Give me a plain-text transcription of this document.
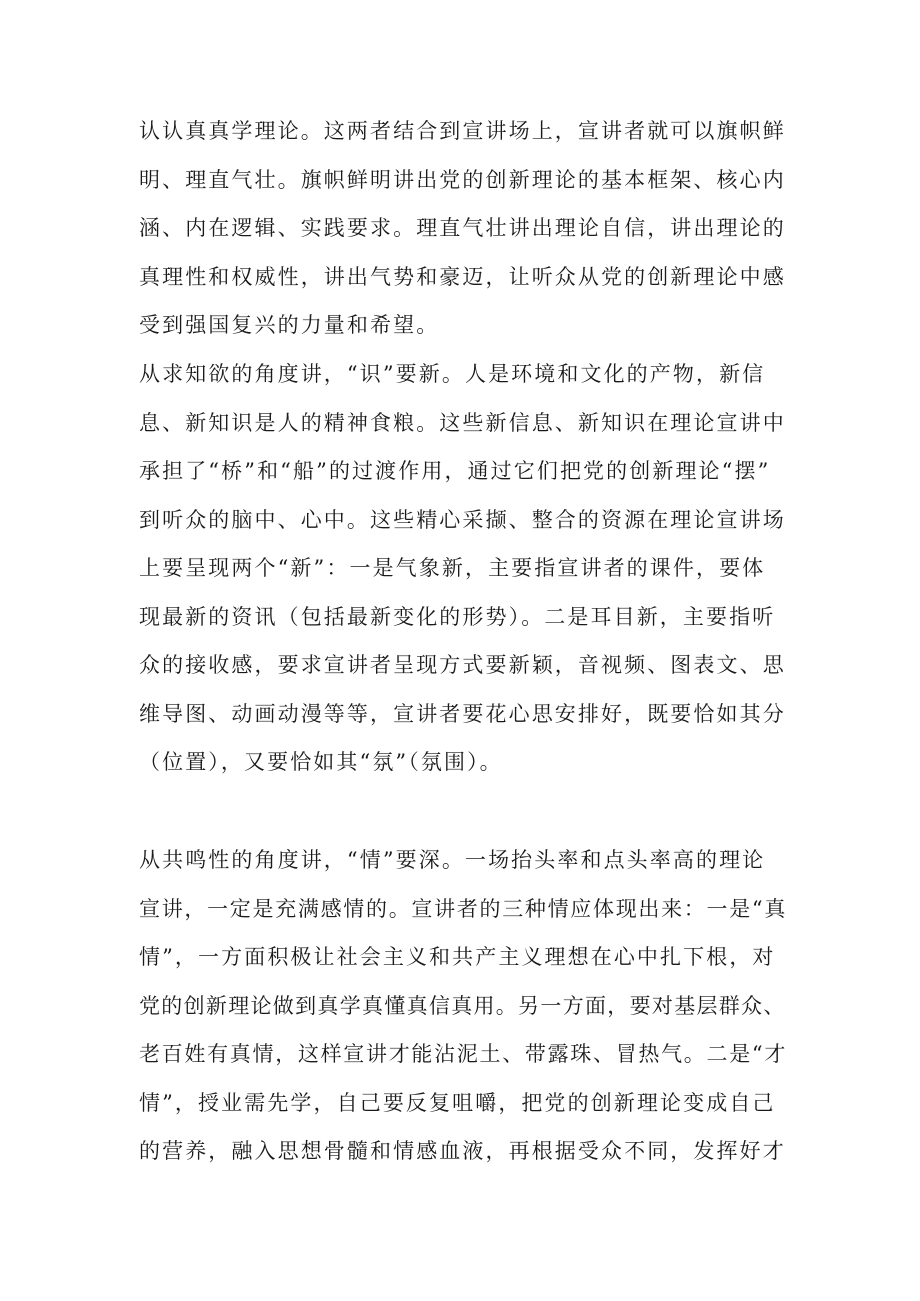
认认真真学理论。这两者结合到宣讲场上，宣讲者就可以旗帜鲜
明、理直气壮。旗帜鲜明讲出党的创新理论的基本框架、核心内
涵、内在逻辑、实践要求。理直气壮讲出理论自信，讲出理论的
真理性和权威性，讲出气势和豪迈，让听众从党的创新理论中感
受到强国复兴的力量和希望。
从求知欲的角度讲，“识”要新。人是环境和文化的产物，新信
息、新知识是人的精神食粮。这些新信息、新知识在理论宣讲中
承担了“桥”和“船”的过渡作用，通过它们把党的创新理论“摆”
到听众的脑中、心中。这些精心采撷、整合的资源在理论宣讲场
上要呈现两个“新”：一是气象新，主要指宣讲者的课件，要体
现最新的资讯（包括最新变化的形势）。二是耳目新，主要指听
众的接收感，要求宣讲者呈现方式要新颖，音视频、图表文、思
维导图、动画动漫等等，宣讲者要花心思安排好，既要恰如其分
（位置），又要恰如其“氛”（氛围）。
从共鸣性的角度讲，“情”要深。一场抬头率和点头率高的理论
宣讲，一定是充满感情的。宣讲者的三种情应体现出来：一是“真
情”，一方面积极让社会主义和共产主义理想在心中扎下根，对
党的创新理论做到真学真懂真信真用。另一方面，要对基层群众、
老百姓有真情，这样宣讲才能沾泥土、带露珠、冒热气。二是“才
情”，授业需先学，自己要反复咀嚼，把党的创新理论变成自己
的营养，融入思想骨髓和情感血液，再根据受众不同，发挥好才
